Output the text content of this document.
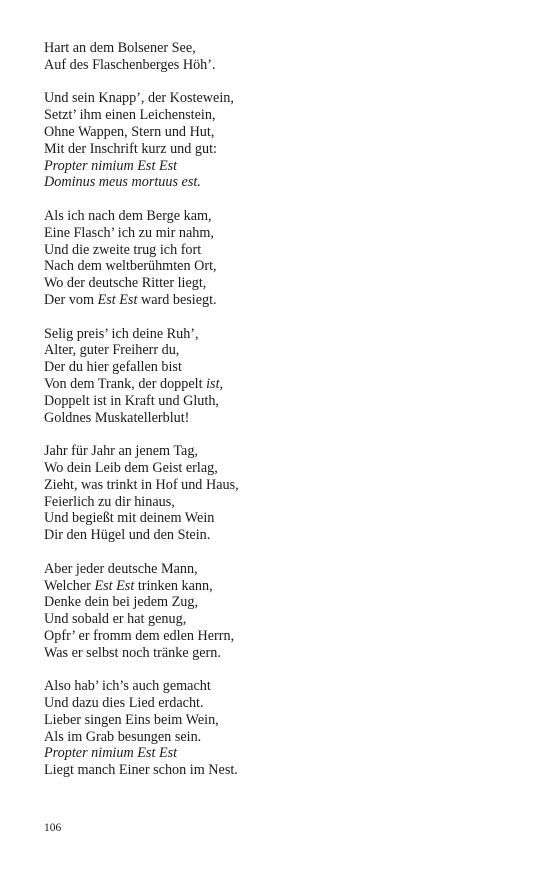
Hart an dem Bolsener See,
Auf des Flaschenberges Höh’.
Und sein Knapp’, der Kostewein,
Setzt’ ihm einen Leichenstein,
Ohne Wappen, Stern und Hut,
Mit der Inschrift kurz und gut:
Propter nimium Est Est
Dominus meus mortuus est.
Als ich nach dem Berge kam,
Eine Flasch’ ich zu mir nahm,
Und die zweite trug ich fort
Nach dem weltberühmten Ort,
Wo der deutsche Ritter liegt,
Der vom Est Est ward besiegt.
Selig preis’ ich deine Ruh’,
Alter, guter Freiherr du,
Der du hier gefallen bist
Von dem Trank, der doppelt ist,
Doppelt ist in Kraft und Gluth,
Goldnes Muskatellerblut!
Jahr für Jahr an jenem Tag,
Wo dein Leib dem Geist erlag,
Zieht, was trinkt in Hof und Haus,
Feierlich zu dir hinaus,
Und begießt mit deinem Wein
Dir den Hügel und den Stein.
Aber jeder deutsche Mann,
Welcher Est Est trinken kann,
Denke dein bei jedem Zug,
Und sobald er hat genug,
Opfr’ er fromm dem edlen Herrn,
Was er selbst noch tränke gern.
Also hab’ ich’s auch gemacht
Und dazu dies Lied erdacht.
Lieber singen Eins beim Wein,
Als im Grab besungen sein.
Propter nimium Est Est
Liegt manch Einer schon im Nest.
106
